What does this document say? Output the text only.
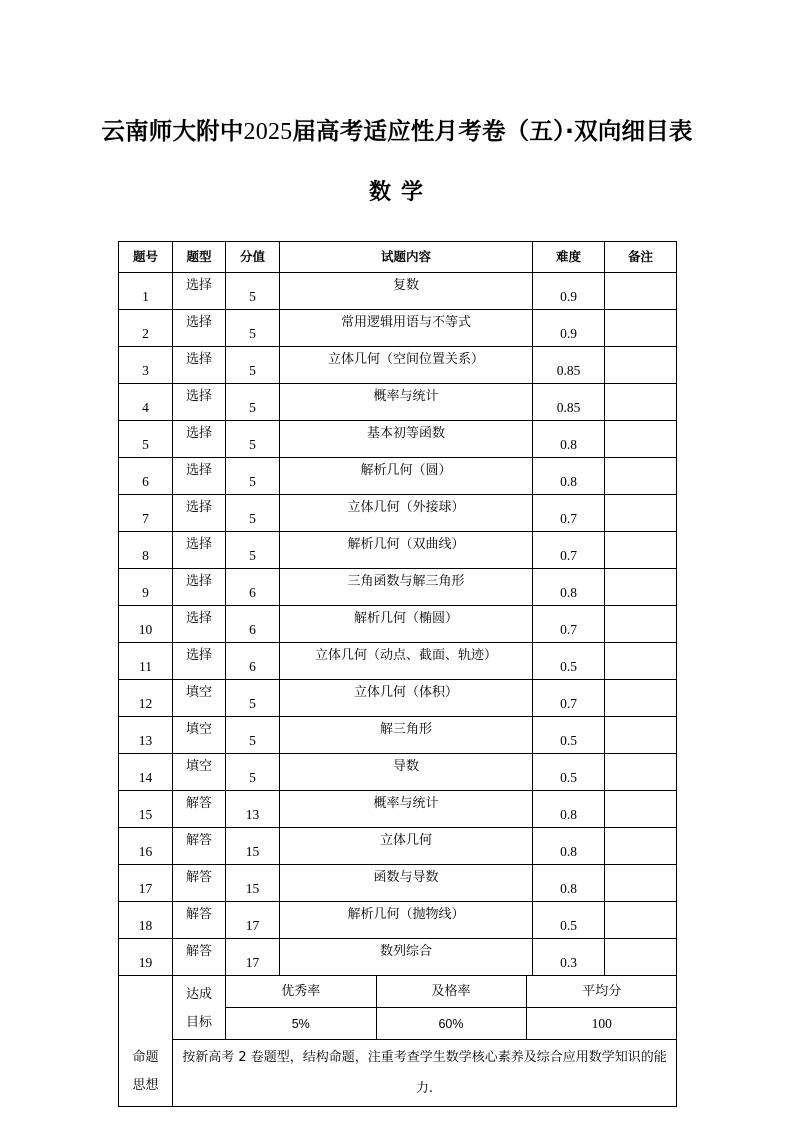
云南师大附中2025届高考适应性月考卷（五）·双向细目表
数学
题号	题型	分值	试题内容	难度	备注
1	选择	5	复数	0.9	
2	选择	5	常用逻辑用语与不等式	0.9	
3	选择	5	立体几何（空间位置关系）	0.85	
4	选择	5	概率与统计	0.85	
5	选择	5	基本初等函数	0.8	
6	选择	5	解析几何（圆）	0.8	
7	选择	5	立体几何（外接球）	0.7	
8	选择	5	解析几何（双曲线）	0.7	
9	选择	6	三角函数与解三角形	0.8	
10	选择	6	解析几何（椭圆）	0.7	
11	选择	6	立体几何（动点、截面、轨迹）	0.5	
12	填空	5	立体几何（体积）	0.7	
13	填空	5	解三角形	0.5	
14	填空	5	导数	0.5	
15	解答	13	概率与统计	0.8	
16	解答	15	立体几何	0.8	
17	解答	15	函数与导数	0.8	
18	解答	17	解析几何（抛物线）	0.5	
19	解答	17	数列综合	0.3	

命题
思想

达成
目标

优秀率	及格率	平均分

5%	60%	100

按新高考 2 卷题型，结构命题，注重考查学生数学核心素养及综合应用数学知识的能力.
